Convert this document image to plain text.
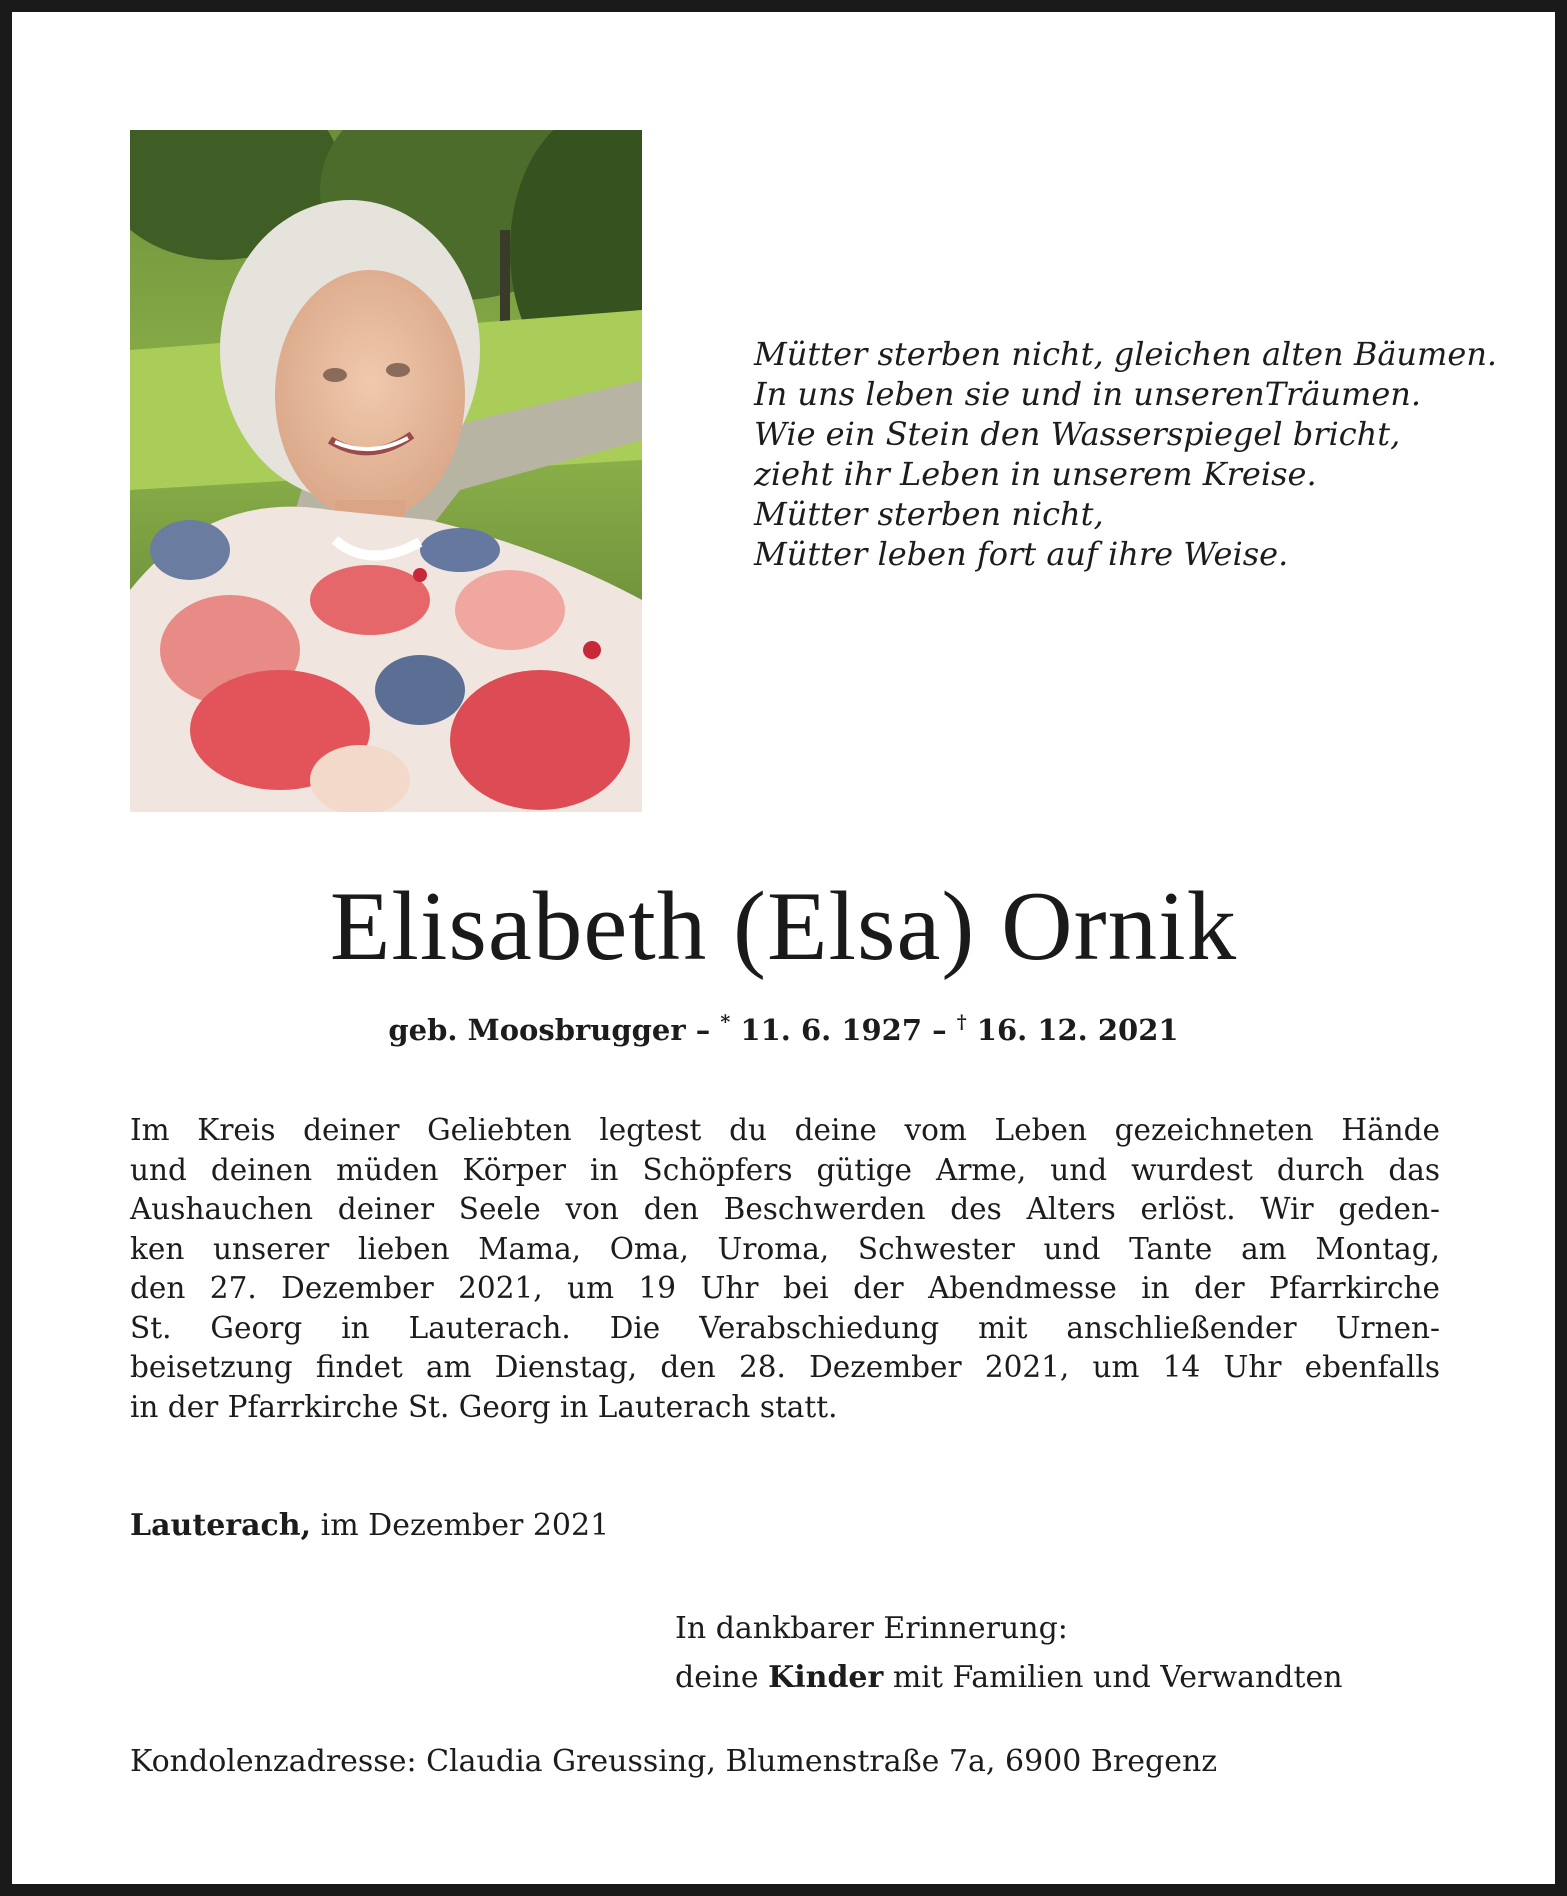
Mütter sterben nicht, gleichen alten Bäumen.
In uns leben sie und in unserenTräumen.
Wie ein Stein den Wasserspiegel bricht,
zieht ihr Leben in unserem Kreise.
Mütter sterben nicht,
Mütter leben fort auf ihre Weise.
Elisabeth (Elsa) Ornik
geb. Moosbrugger – * 11. 6. 1927 – † 16. 12. 2021
Im Kreis deiner Geliebten legtest du deine vom Leben gezeichneten Hände
und deinen müden Körper in Schöpfers gütige Arme, und wurdest durch das
Aushauchen deiner Seele von den Beschwerden des Alters erlöst. Wir geden-
ken unserer lieben Mama, Oma, Uroma, Schwester und Tante am Montag,
den 27. Dezember 2021, um 19 Uhr bei der Abendmesse in der Pfarrkirche
St. Georg in Lauterach. Die Verabschiedung mit anschließender Urnen-
beisetzung findet am Dienstag, den 28. Dezember 2021, um 14 Uhr ebenfalls
in der Pfarrkirche St. Georg in Lauterach statt.
Lauterach, im Dezember 2021
In dankbarer Erinnerung:
deine Kinder mit Familien und Verwandten
Kondolenzadresse: Claudia Greussing, Blumenstraße 7a, 6900 Bregenz
